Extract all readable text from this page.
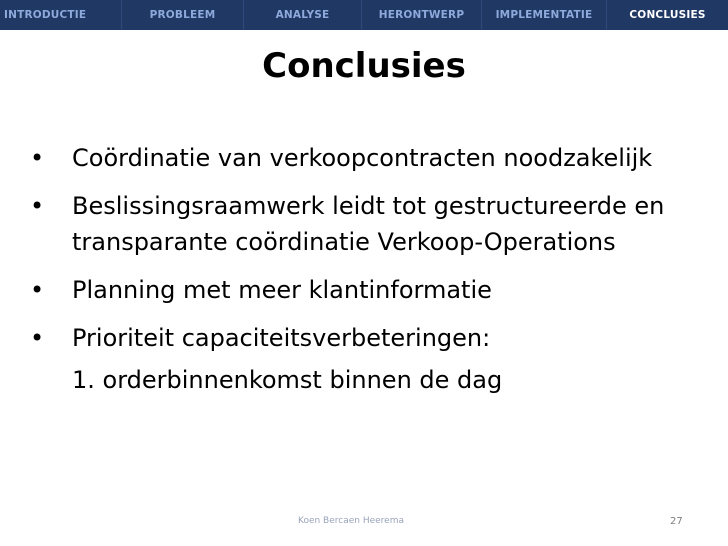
INTRODUCTIE	PROBLEEM	ANALYSE	HERONTWERP	IMPLEMENTATIE	CONCLUSIES
Conclusies
• Coördinatie van verkoopcontracten noodzakelijk
• Beslissingsraamwerk leidt tot gestructureerde en transparante coördinatie Verkoop-Operations
• Planning met meer klantinformatie
• Prioriteit capaciteitsverbeteringen:
1. orderbinnenkomst binnen de dag
Koen Bercaen Heerema	27
